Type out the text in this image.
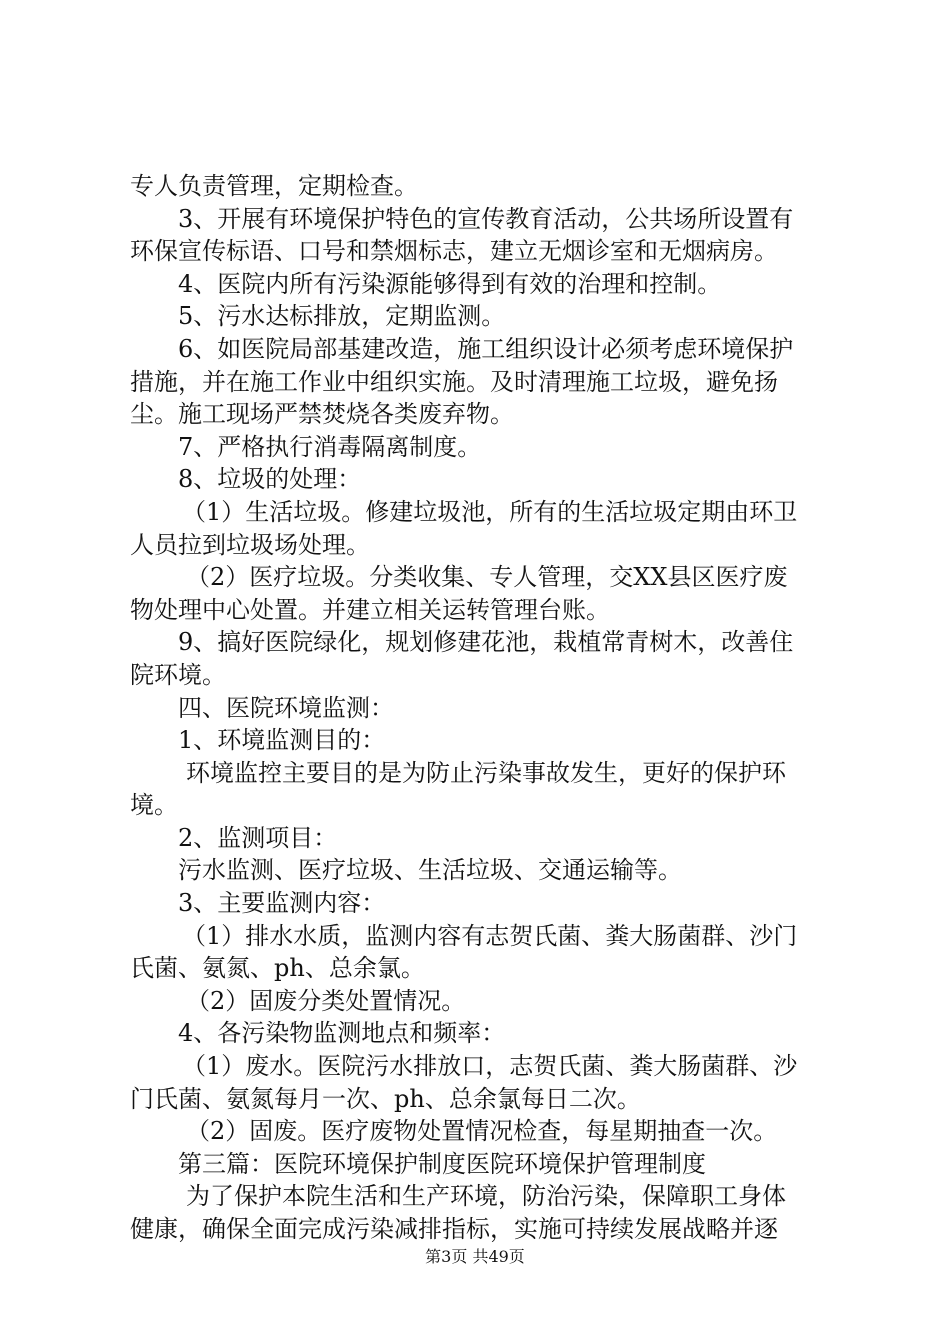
专人负责管理，定期检查。
3、开展有环境保护特色的宣传教育活动，公共场所设置有
环保宣传标语、口号和禁烟标志，建立无烟诊室和无烟病房。
4、医院内所有污染源能够得到有效的治理和控制。
5、污水达标排放，定期监测。
6、如医院局部基建改造，施工组织设计必须考虑环境保护
措施，并在施工作业中组织实施。及时清理施工垃圾，避免扬
尘。施工现场严禁焚烧各类废弃物。
7、严格执行消毒隔离制度。
8、垃圾的处理：
（1）生活垃圾。修建垃圾池，所有的生活垃圾定期由环卫
人员拉到垃圾场处理。
（2）医疗垃圾。分类收集、专人管理，交XX县区医疗废
物处理中心处置。并建立相关运转管理台账。
9、搞好医院绿化，规划修建花池，栽植常青树木，改善住
院环境。
四、医院环境监测：
1、环境监测目的：
环境监控主要目的是为防止污染事故发生，更好的保护环
境。
2、监测项目：
污水监测、医疗垃圾、生活垃圾、交通运输等。
3、主要监测内容：
（1）排水水质，监测内容有志贺氏菌、粪大肠菌群、沙门
氏菌、氨氮、ph、总余氯。
（2）固废分类处置情况。
4、各污染物监测地点和频率：
（1）废水。医院污水排放口，志贺氏菌、粪大肠菌群、沙
门氏菌、氨氮每月一次、ph、总余氯每日二次。
（2）固废。医疗废物处置情况检查，每星期抽查一次。
第三篇：医院环境保护制度医院环境保护管理制度
为了保护本院生活和生产环境，防治污染，保障职工身体
健康，确保全面完成污染减排指标，实施可持续发展战略并逐
第3页 共49页
